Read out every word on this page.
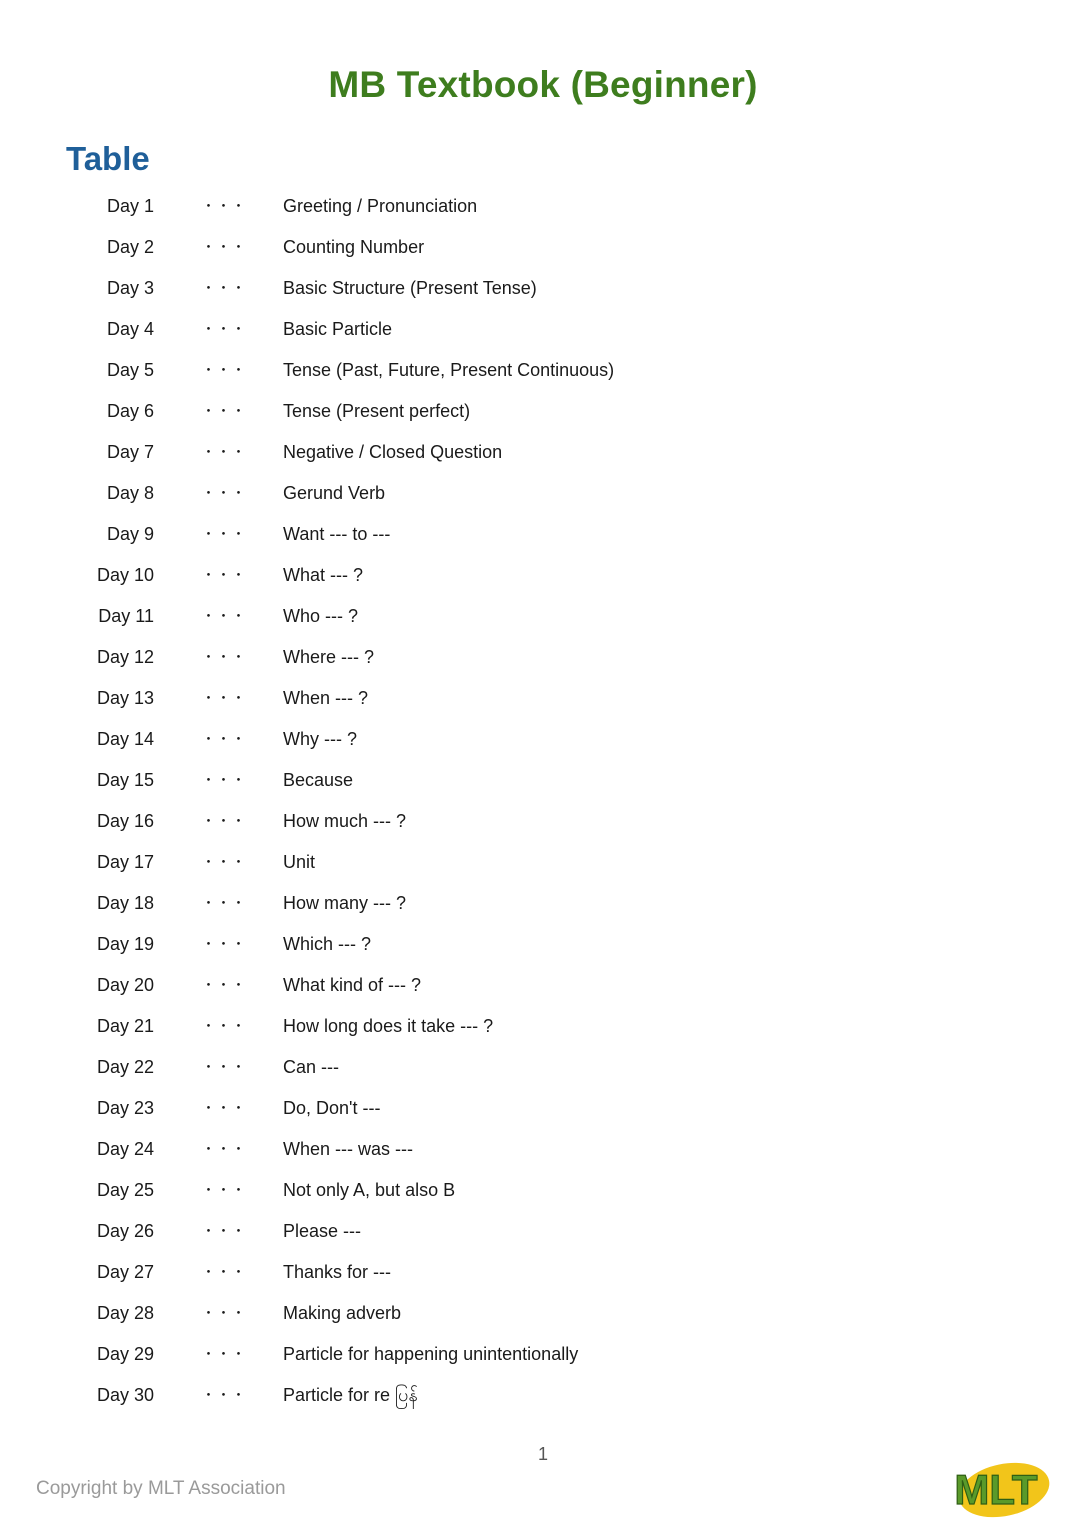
MB Textbook (Beginner)
Table
Day 1	・・・	Greeting / Pronunciation
Day 2	・・・	Counting Number
Day 3	・・・	Basic Structure (Present Tense)
Day 4	・・・	Basic Particle
Day 5	・・・	Tense (Past, Future, Present Continuous)
Day 6	・・・	Tense (Present perfect)
Day 7	・・・	Negative / Closed Question
Day 8	・・・	Gerund Verb
Day 9	・・・	Want --- to ---
Day 10	・・・	What --- ?
Day 11	・・・	Who --- ?
Day 12	・・・	Where --- ?
Day 13	・・・	When --- ?
Day 14	・・・	Why --- ?
Day 15	・・・	Because
Day 16	・・・	How much --- ?
Day 17	・・・	Unit
Day 18	・・・	How many --- ?
Day 19	・・・	Which --- ?
Day 20	・・・	What kind of --- ?
Day 21	・・・	How long does it take --- ?
Day 22	・・・	Can ---
Day 23	・・・	Do, Don't ---
Day 24	・・・	When --- was ---
Day 25	・・・	Not only A, but also B
Day 26	・・・	Please ---
Day 27	・・・	Thanks for ---
Day 28	・・・	Making adverb
Day 29	・・・	Particle for happening unintentionally
Day 30	・・・	Particle for re ပြန်
1
Copyright by MLT Association	MLT
